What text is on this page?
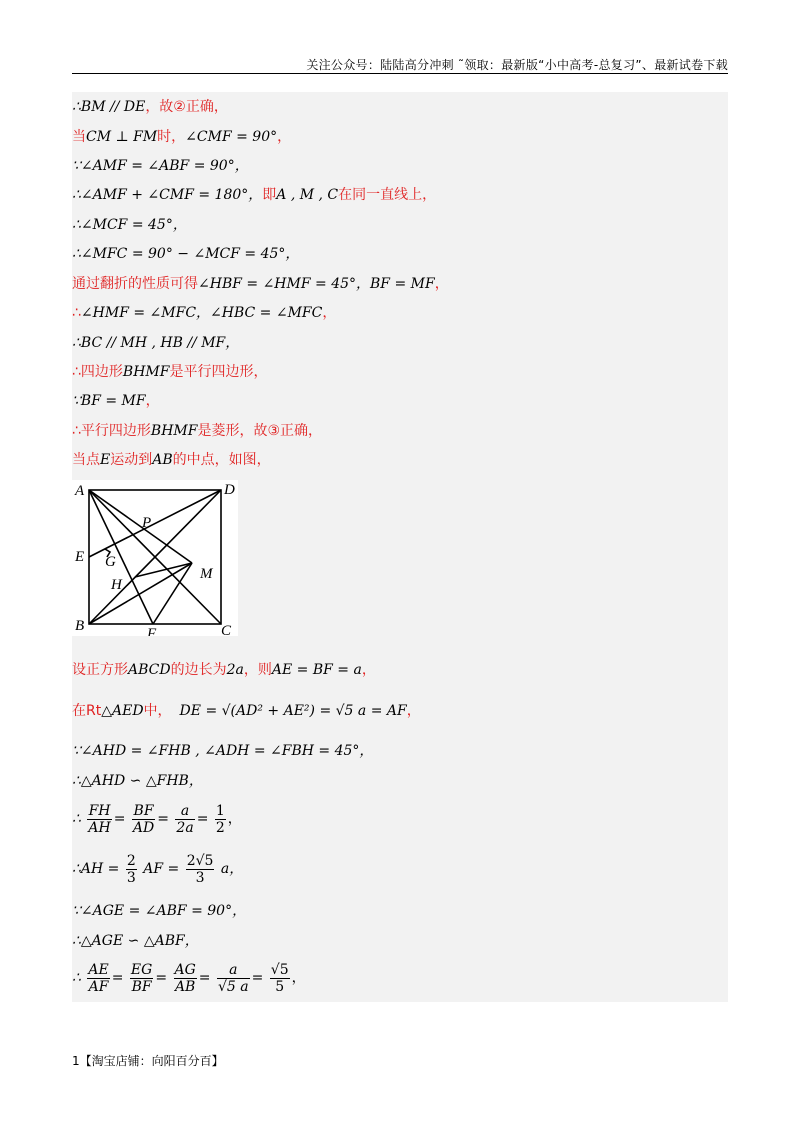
关注公众号：陆陆高分冲刺 ˜领取：最新版“小中高考-总复习”、最新试卷下载
∴BM // DE，故②正确，
当CM ⊥ FM时，∠CMF = 90°，
∵∠AMF = ∠ABF = 90°，
∴∠AMF + ∠CMF = 180°，即A , M , C在同一直线上，
∴∠MCF = 45°，
∴∠MFC = 90° − ∠MCF = 45°，
通过翻折的性质可得∠HBF = ∠HMF = 45°，BF = MF，
∴∠HMF = ∠MFC，∠HBC = ∠MFC，
∴BC // MH , HB // MF，
∴四边形BHMF是平行四边形，
∵BF = MF，
∴平行四边形BHMF是菱形，故③正确，
当点E运动到AB的中点，如图，
A	D
P
E G
H
M
B	F	C
设正方形ABCD的边长为2a，则AE = BF = a，
在Rt△AED中， DE = √(AD² + AE²) = √5 a = AF，
∵∠AHD = ∠FHB , ∠ADH = ∠FBH = 45°，
∴△AHD ∽ △FHB，
∴ $\frac{FH}{AH} = \frac{BF}{AD} = \frac{a}{2a} = \frac{1}{2}$ ，
∴AH = $\frac{2}{3}$ AF = $\frac{2√5}{3}$ a，
∵∠AGE = ∠ABF = 90°，
∴△AGE ∽ △ABF，
∴ $\frac{AE}{AF} = \frac{EG}{BF} = \frac{AG}{AB} = \frac{a}{√5 a} = \frac{√5}{5}$ ，
1【淘宝店铺：向阳百分百】
